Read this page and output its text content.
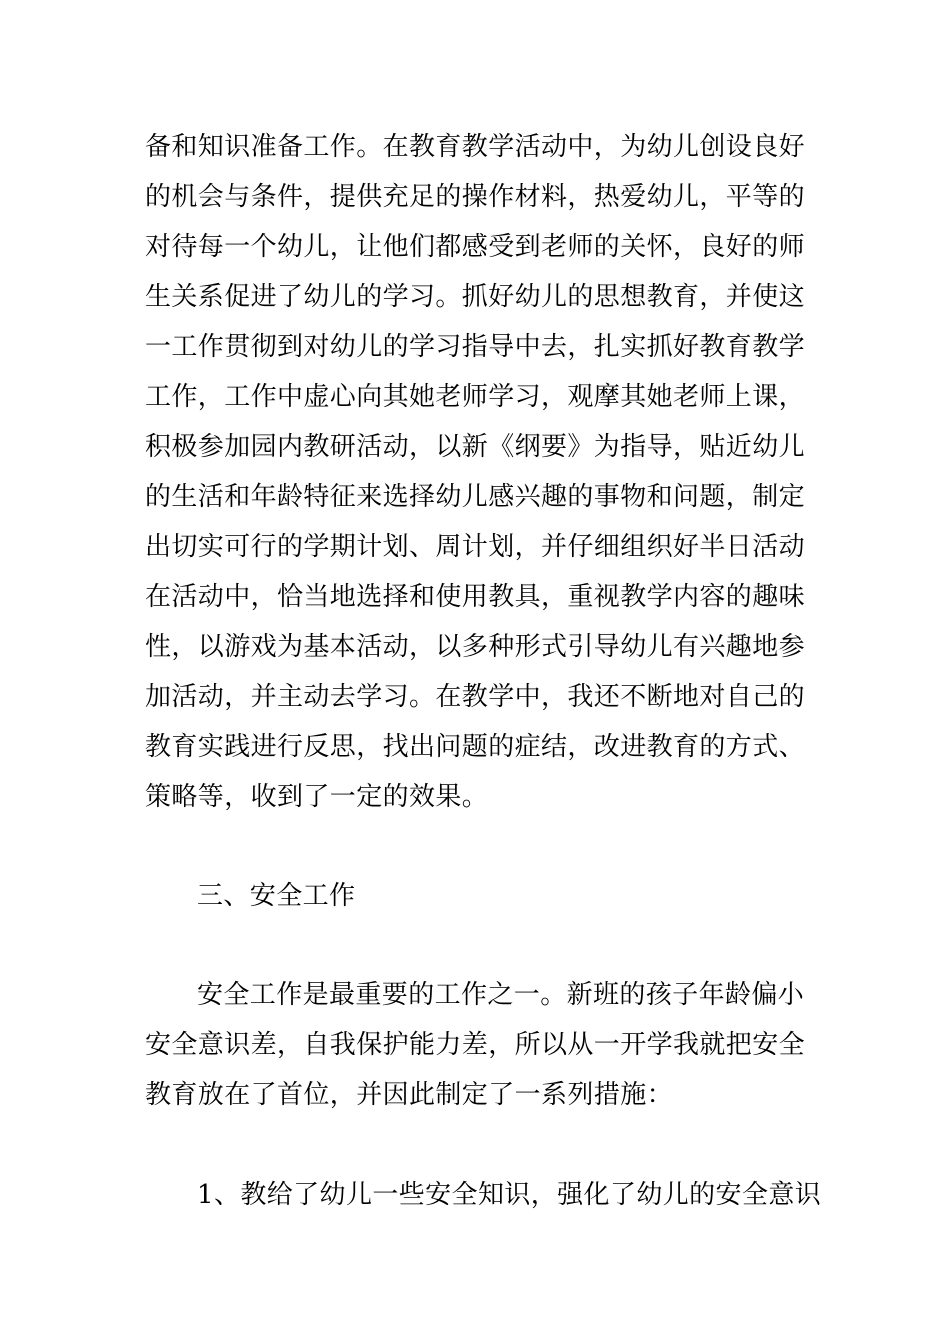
备和知识准备工作。在教育教学活动中，为幼儿创设良好
的机会与条件，提供充足的操作材料，热爱幼儿，平等的
对待每一个幼儿，让他们都感受到老师的关怀，良好的师
生关系促进了幼儿的学习。抓好幼儿的思想教育，并使这
一工作贯彻到对幼儿的学习指导中去，扎实抓好教育教学
工作，工作中虚心向其她老师学习，观摩其她老师上课，
积极参加园内教研活动，以新《纲要》为指导，贴近幼儿
的生活和年龄特征来选择幼儿感兴趣的事物和问题，制定
出切实可行的学期计划、周计划，并仔细组织好半日活动
在活动中，恰当地选择和使用教具，重视教学内容的趣味
性，以游戏为基本活动，以多种形式引导幼儿有兴趣地参
加活动，并主动去学习。在教学中，我还不断地对自己的
教育实践进行反思，找出问题的症结，改进教育的方式、
策略等，收到了一定的效果。
三、安全工作
安全工作是最重要的工作之一。新班的孩子年龄偏小
安全意识差，自我保护能力差，所以从一开学我就把安全
教育放在了首位，并因此制定了一系列措施：
1、教给了幼儿一些安全知识，强化了幼儿的安全意识
